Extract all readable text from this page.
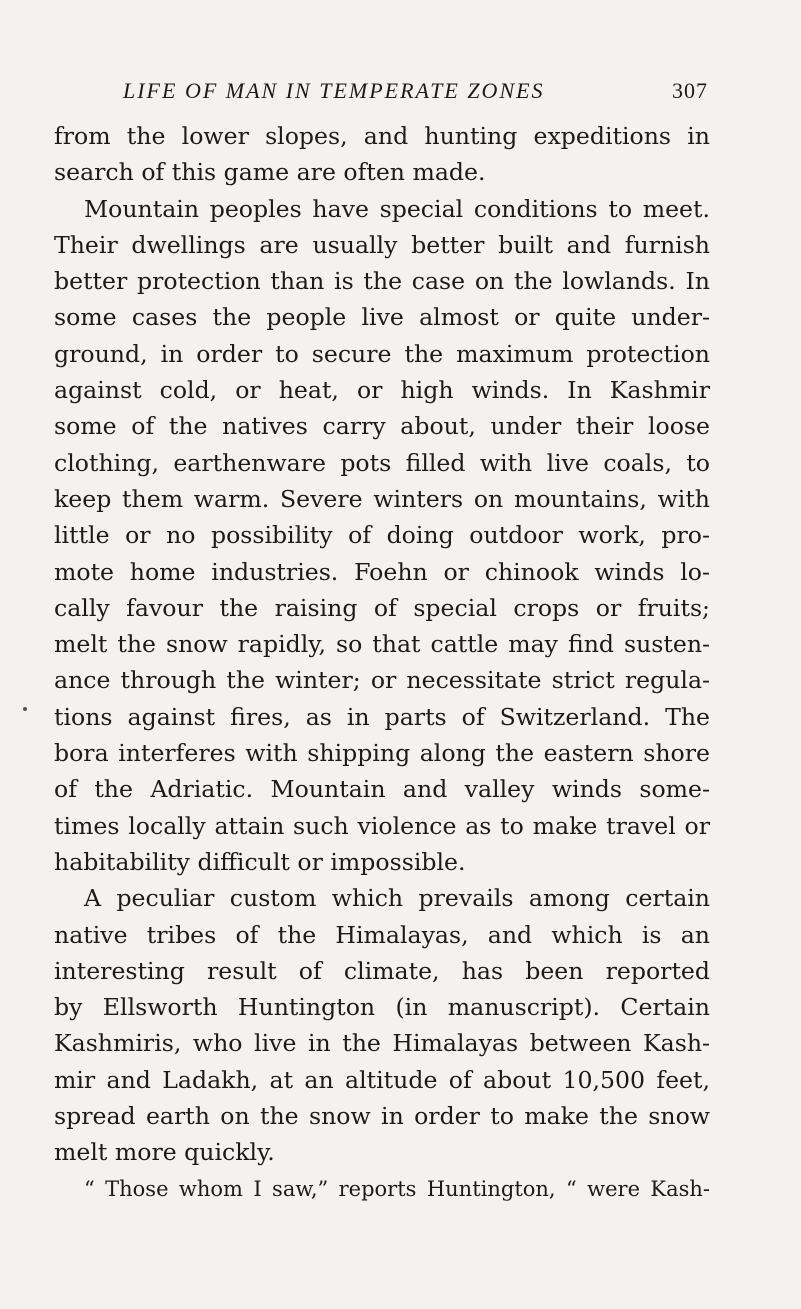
LIFE OF MAN IN TEMPERATE ZONES	307
from the lower slopes, and hunting expeditions in
search of this game are often made.
Mountain peoples have special conditions to meet.
Their dwellings are usually better built and furnish
better protection than is the case on the lowlands. In
some cases the people live almost or quite under-
ground, in order to secure the maximum protection
against cold, or heat, or high winds. In Kashmir
some of the natives carry about, under their loose
clothing, earthenware pots filled with live coals, to
keep them warm. Severe winters on mountains, with
little or no possibility of doing outdoor work, pro-
mote home industries. Foehn or chinook winds lo-
cally favour the raising of special crops or fruits;
melt the snow rapidly, so that cattle may find susten-
ance through the winter; or necessitate strict regula-
tions against fires, as in parts of Switzerland. The
bora interferes with shipping along the eastern shore
of the Adriatic. Mountain and valley winds some-
times locally attain such violence as to make travel or
habitability difficult or impossible.
A peculiar custom which prevails among certain
native tribes of the Himalayas, and which is an
interesting result of climate, has been reported
by Ellsworth Huntington (in manuscript). Certain
Kashmiris, who live in the Himalayas between Kash-
mir and Ladakh, at an altitude of about 10,500 feet,
spread earth on the snow in order to make the snow
melt more quickly.
“ Those whom I saw,” reports Huntington, “ were Kash-
